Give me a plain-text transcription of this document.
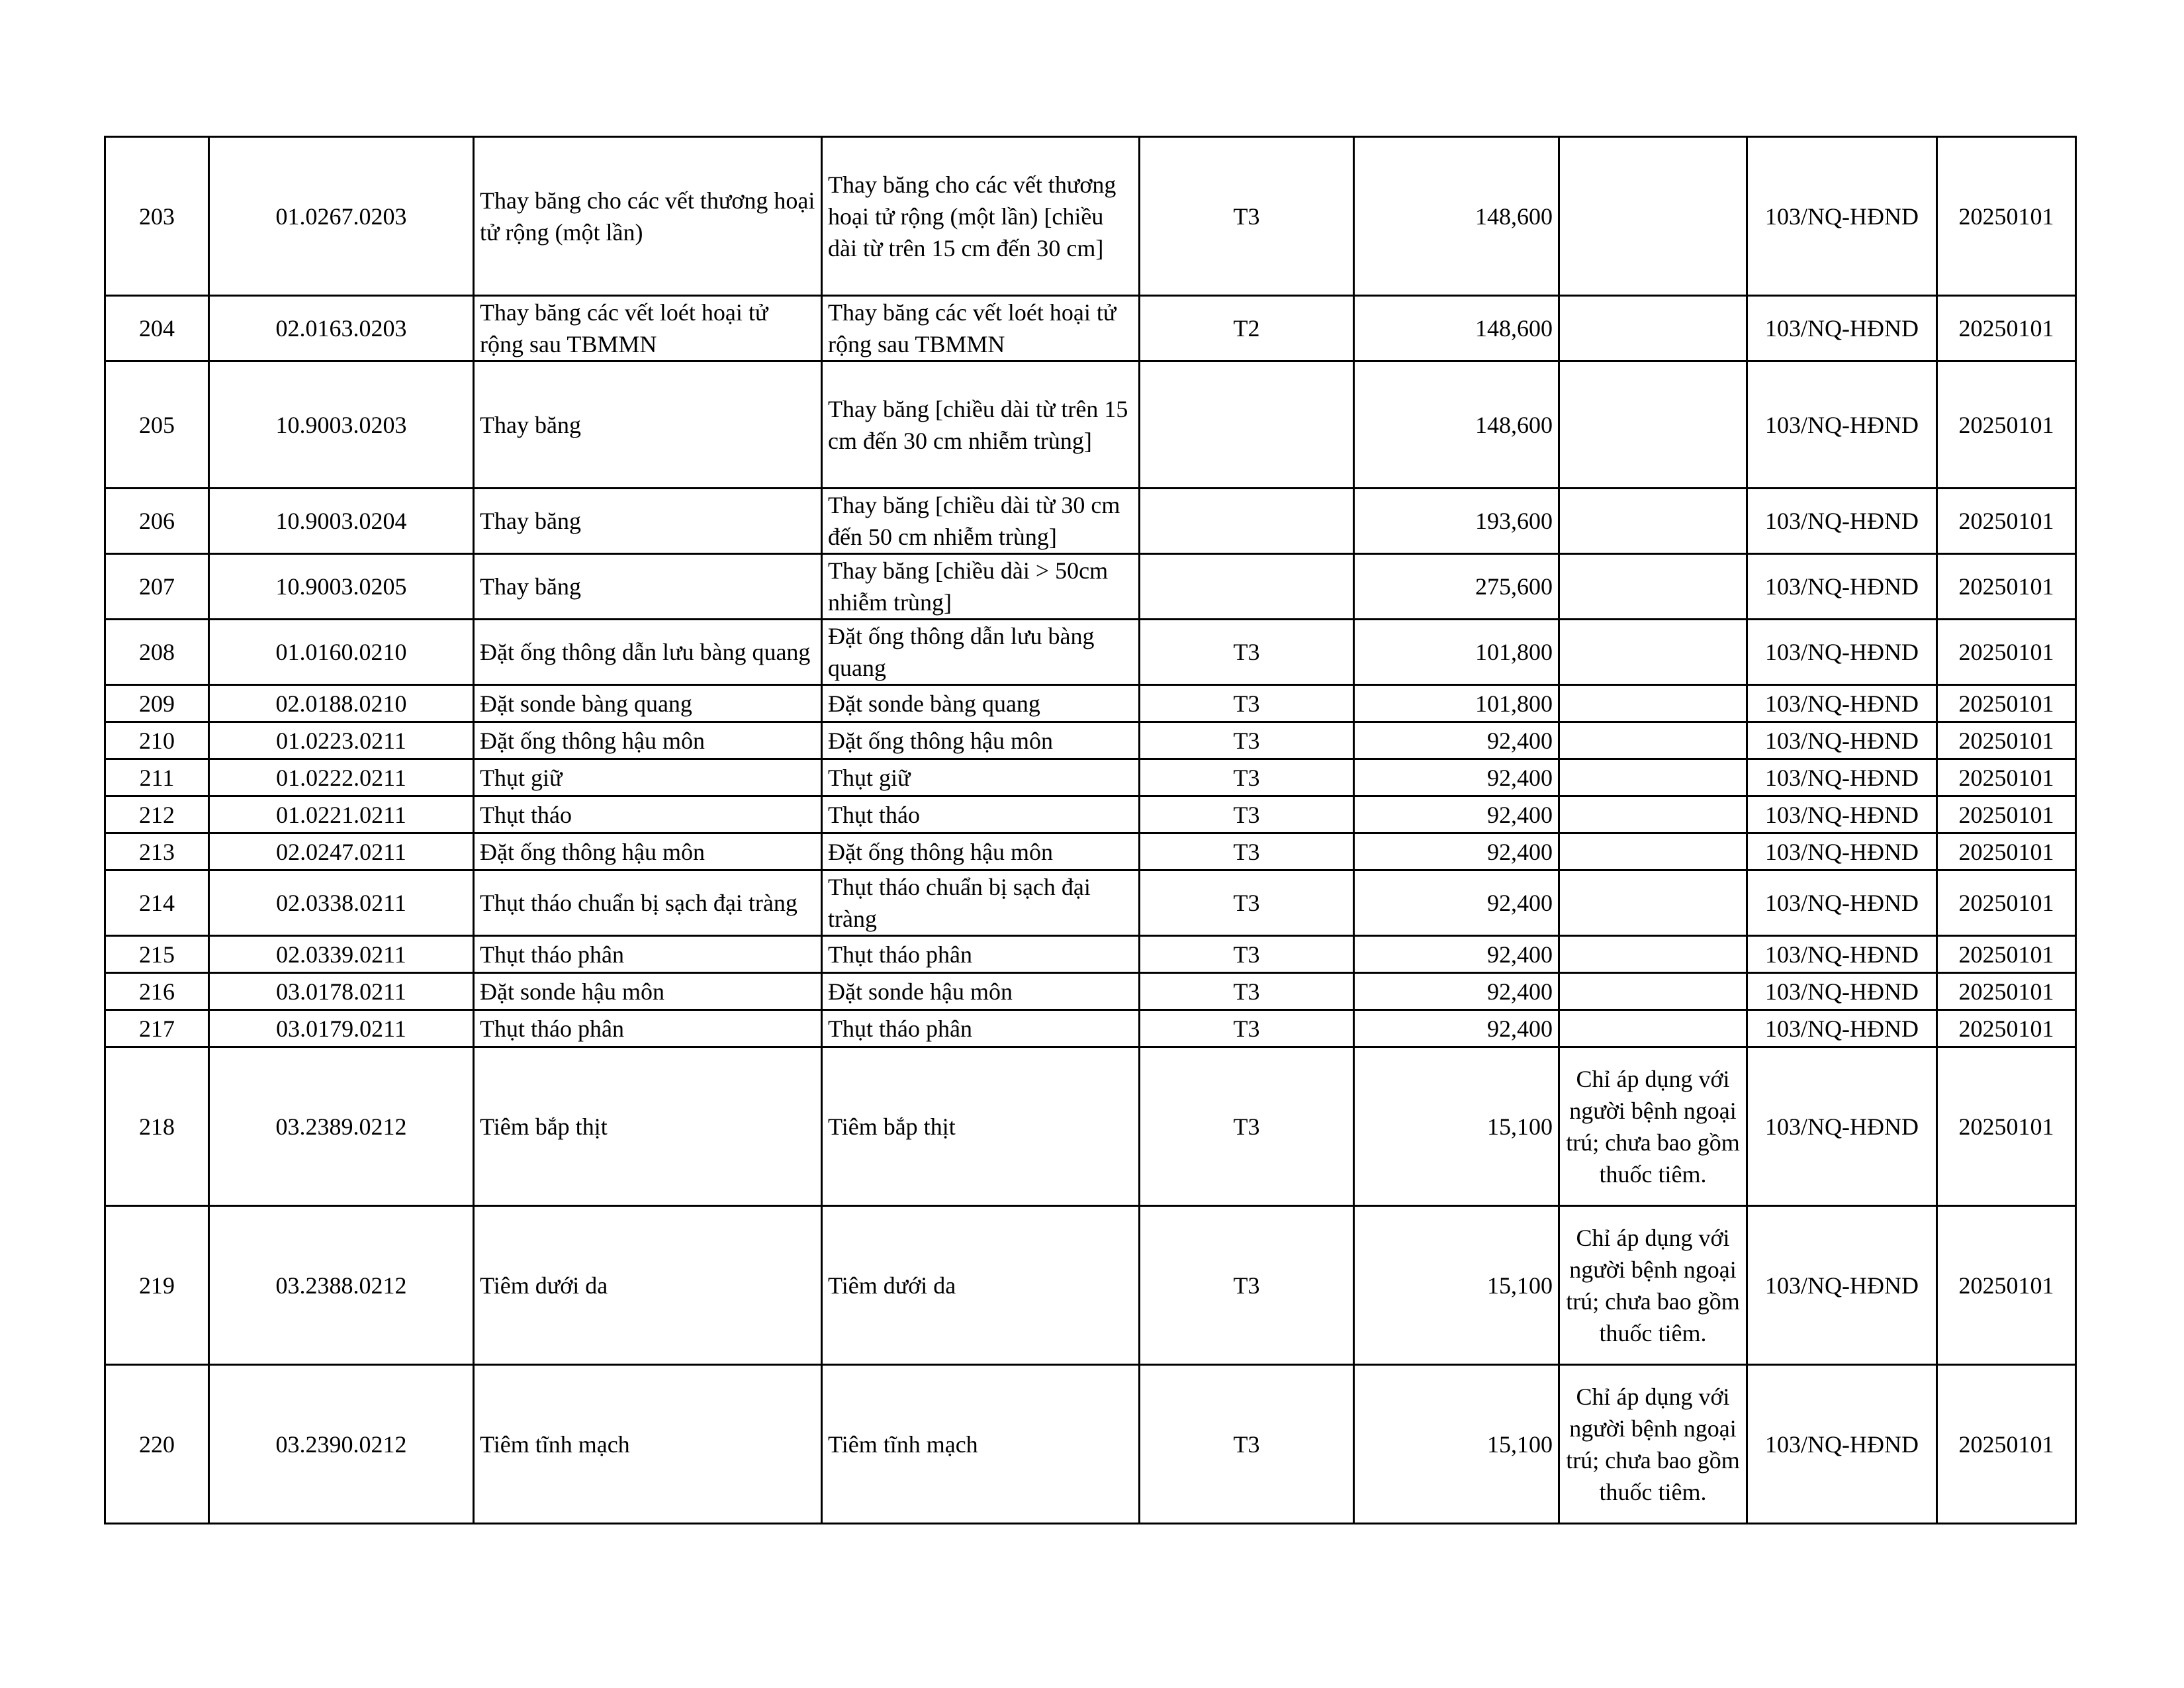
203	01.0267.0203	Thay băng cho các vết thương hoại tử rộng (một lần)	Thay băng cho các vết thương hoại tử rộng (một lần) [chiều dài từ trên 15 cm đến 30 cm]	T3	148,600		103/NQ-HĐND	20250101
204	02.0163.0203	Thay băng các vết loét hoại tử rộng sau TBMMN	Thay băng các vết loét hoại tử rộng sau TBMMN	T2	148,600		103/NQ-HĐND	20250101
205	10.9003.0203	Thay băng	Thay băng [chiều dài từ trên 15 cm đến 30 cm nhiễm trùng]		148,600		103/NQ-HĐND	20250101
206	10.9003.0204	Thay băng	Thay băng [chiều dài từ 30 cm đến 50 cm nhiễm trùng]		193,600		103/NQ-HĐND	20250101
207	10.9003.0205	Thay băng	Thay băng [chiều dài > 50cm nhiễm trùng]		275,600		103/NQ-HĐND	20250101
208	01.0160.0210	Đặt ống thông dẫn lưu bàng quang	Đặt ống thông dẫn lưu bàng quang	T3	101,800		103/NQ-HĐND	20250101
209	02.0188.0210	Đặt sonde bàng quang	Đặt sonde bàng quang	T3	101,800		103/NQ-HĐND	20250101
210	01.0223.0211	Đặt ống thông hậu môn	Đặt ống thông hậu môn	T3	92,400		103/NQ-HĐND	20250101
211	01.0222.0211	Thụt giữ	Thụt giữ	T3	92,400		103/NQ-HĐND	20250101
212	01.0221.0211	Thụt tháo	Thụt tháo	T3	92,400		103/NQ-HĐND	20250101
213	02.0247.0211	Đặt ống thông hậu môn	Đặt ống thông hậu môn	T3	92,400		103/NQ-HĐND	20250101
214	02.0338.0211	Thụt tháo chuẩn bị sạch đại tràng	Thụt tháo chuẩn bị sạch đại tràng	T3	92,400		103/NQ-HĐND	20250101
215	02.0339.0211	Thụt tháo phân	Thụt tháo phân	T3	92,400		103/NQ-HĐND	20250101
216	03.0178.0211	Đặt sonde hậu môn	Đặt sonde hậu môn	T3	92,400		103/NQ-HĐND	20250101
217	03.0179.0211	Thụt tháo phân	Thụt tháo phân	T3	92,400		103/NQ-HĐND	20250101
218	03.2389.0212	Tiêm bắp thịt	Tiêm bắp thịt	T3	15,100	Chỉ áp dụng với người bệnh ngoại trú; chưa bao gồm thuốc tiêm.	103/NQ-HĐND	20250101
219	03.2388.0212	Tiêm dưới da	Tiêm dưới da	T3	15,100	Chỉ áp dụng với người bệnh ngoại trú; chưa bao gồm thuốc tiêm.	103/NQ-HĐND	20250101
220	03.2390.0212	Tiêm tĩnh mạch	Tiêm tĩnh mạch	T3	15,100	Chỉ áp dụng với người bệnh ngoại trú; chưa bao gồm thuốc tiêm.	103/NQ-HĐND	20250101
